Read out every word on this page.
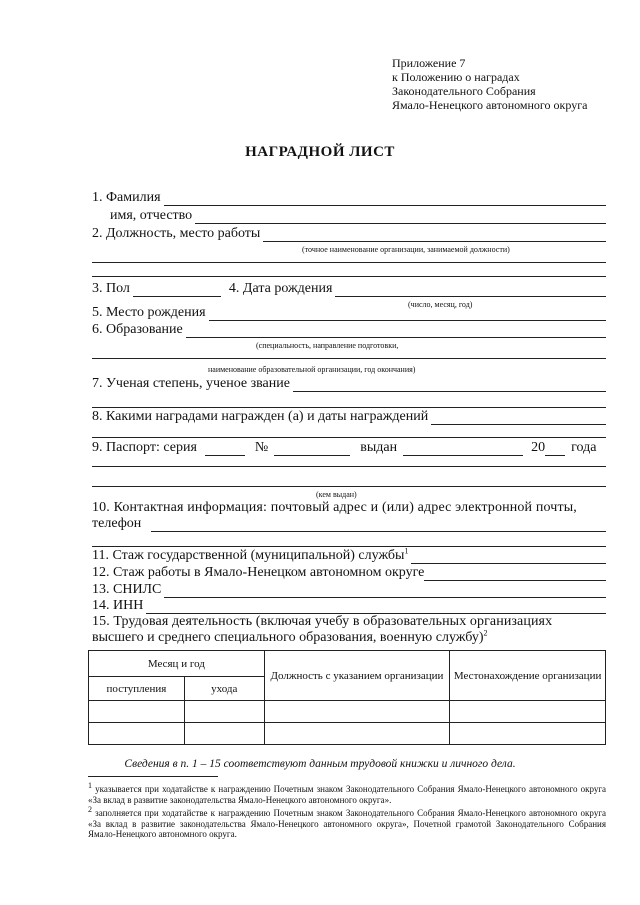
Приложение 7
к Положению о наградах
Законодательного Собрания
Ямало-Ненецкого автономного округа
НАГРАДНОЙ ЛИСТ
1. Фамилия
имя, отчество
2. Должность, место работы
(точное наименование организации, занимаемой должности)
3. Пол	4. Дата рождения
(число, месяц, год)
5. Место рождения
6. Образование
(специальность, направление подготовки,
наименование образовательной организации, год окончания)
7. Ученая степень, ученое звание
8. Какими наградами награжден (а) и даты награждений
9. Паспорт: серия	№	выдан	20 года
(кем выдан)
10. Контактная информация: почтовый адрес и (или) адрес электронной почты,
телефон
11. Стаж государственной (муниципальной) службы$^1$
12. Стаж работы в Ямало-Ненецком автономном округе
13. СНИЛС
14. ИНН
15. Трудовая деятельность (включая учебу в образовательных организациях
высшего и среднего специального образования, военную службу)$^2$
Месяц и год		Должность с указанием организации	Местонахождение организации
поступления	ухода		

Сведения в п. 1 – 15 соответствуют данным трудовой книжки и личного дела.
$^1$ указывается при ходатайстве к награждению Почетным знаком Законодательного Собрания Ямало-Ненецкого автономного округа «За вклад в развитие законодательства Ямало-Ненецкого автономного округа».
$^2$ заполняется при ходатайстве к награждению Почетным знаком Законодательного Собрания Ямало-Ненецкого автономного округа «За вклад в развитие законодательства Ямало-Ненецкого автономного округа», Почетной грамотой Законодательного Собрания Ямало-Ненецкого автономного округа.
